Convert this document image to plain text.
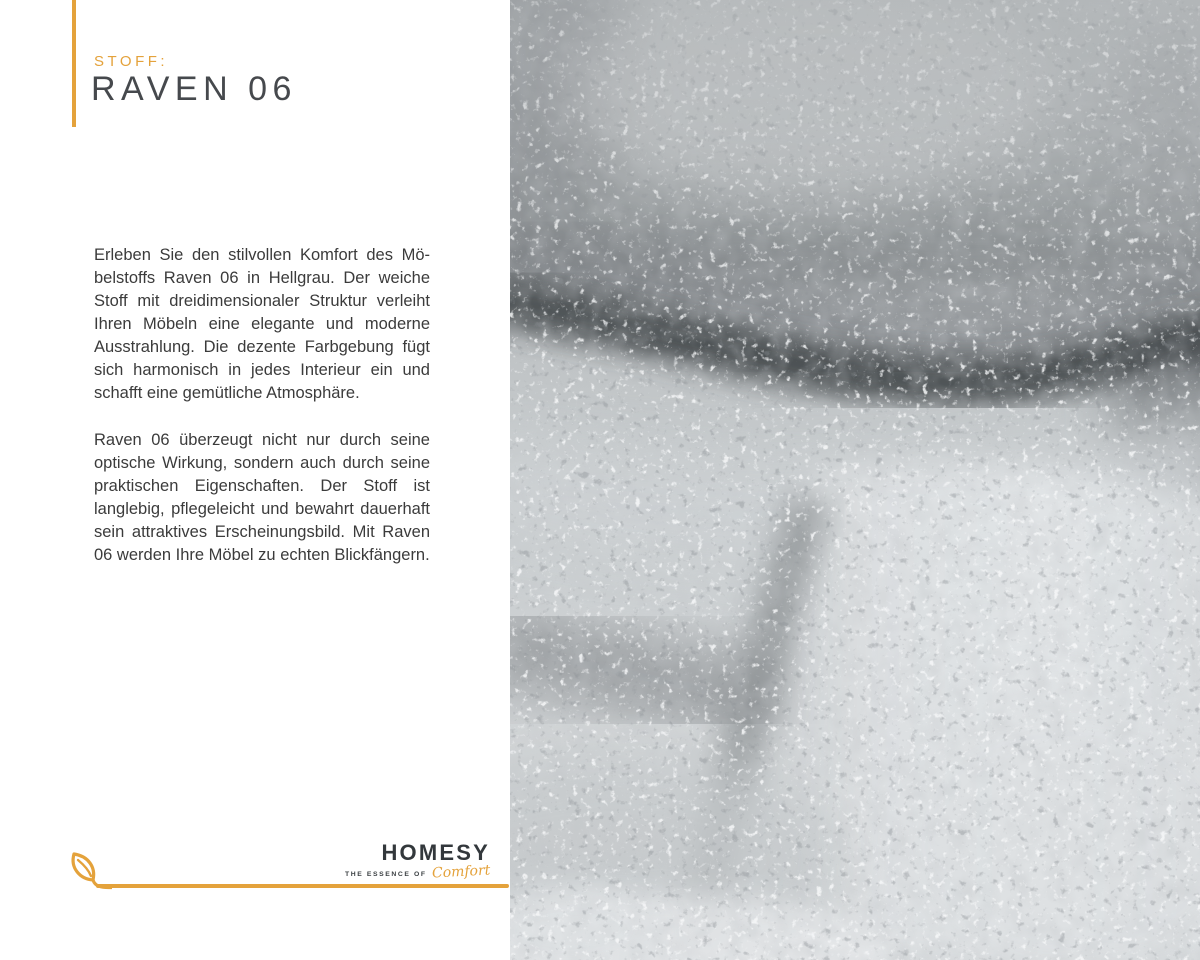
STOFF:
RAVEN 06

Erleben Sie den stilvollen Komfort des Möbelstoffs Raven 06 in Hellgrau. Der weiche Stoff mit dreidimensionaler Struktur verleiht Ihren Möbeln eine elegante und moderne Ausstrahlung. Die dezente Farbgebung fügt sich harmonisch in jedes Interieur ein und schafft eine gemütliche Atmosphäre.

Raven 06 überzeugt nicht nur durch seine optische Wirkung, sondern auch durch seine praktischen Eigenschaften. Der Stoff ist langlebig, pflegeleicht und bewahrt dauerhaft sein attraktives Erscheinungsbild. Mit Raven 06 werden Ihre Möbel zu echten Blickfängern.

HOMESY
THE ESSENCE OF Comfort
